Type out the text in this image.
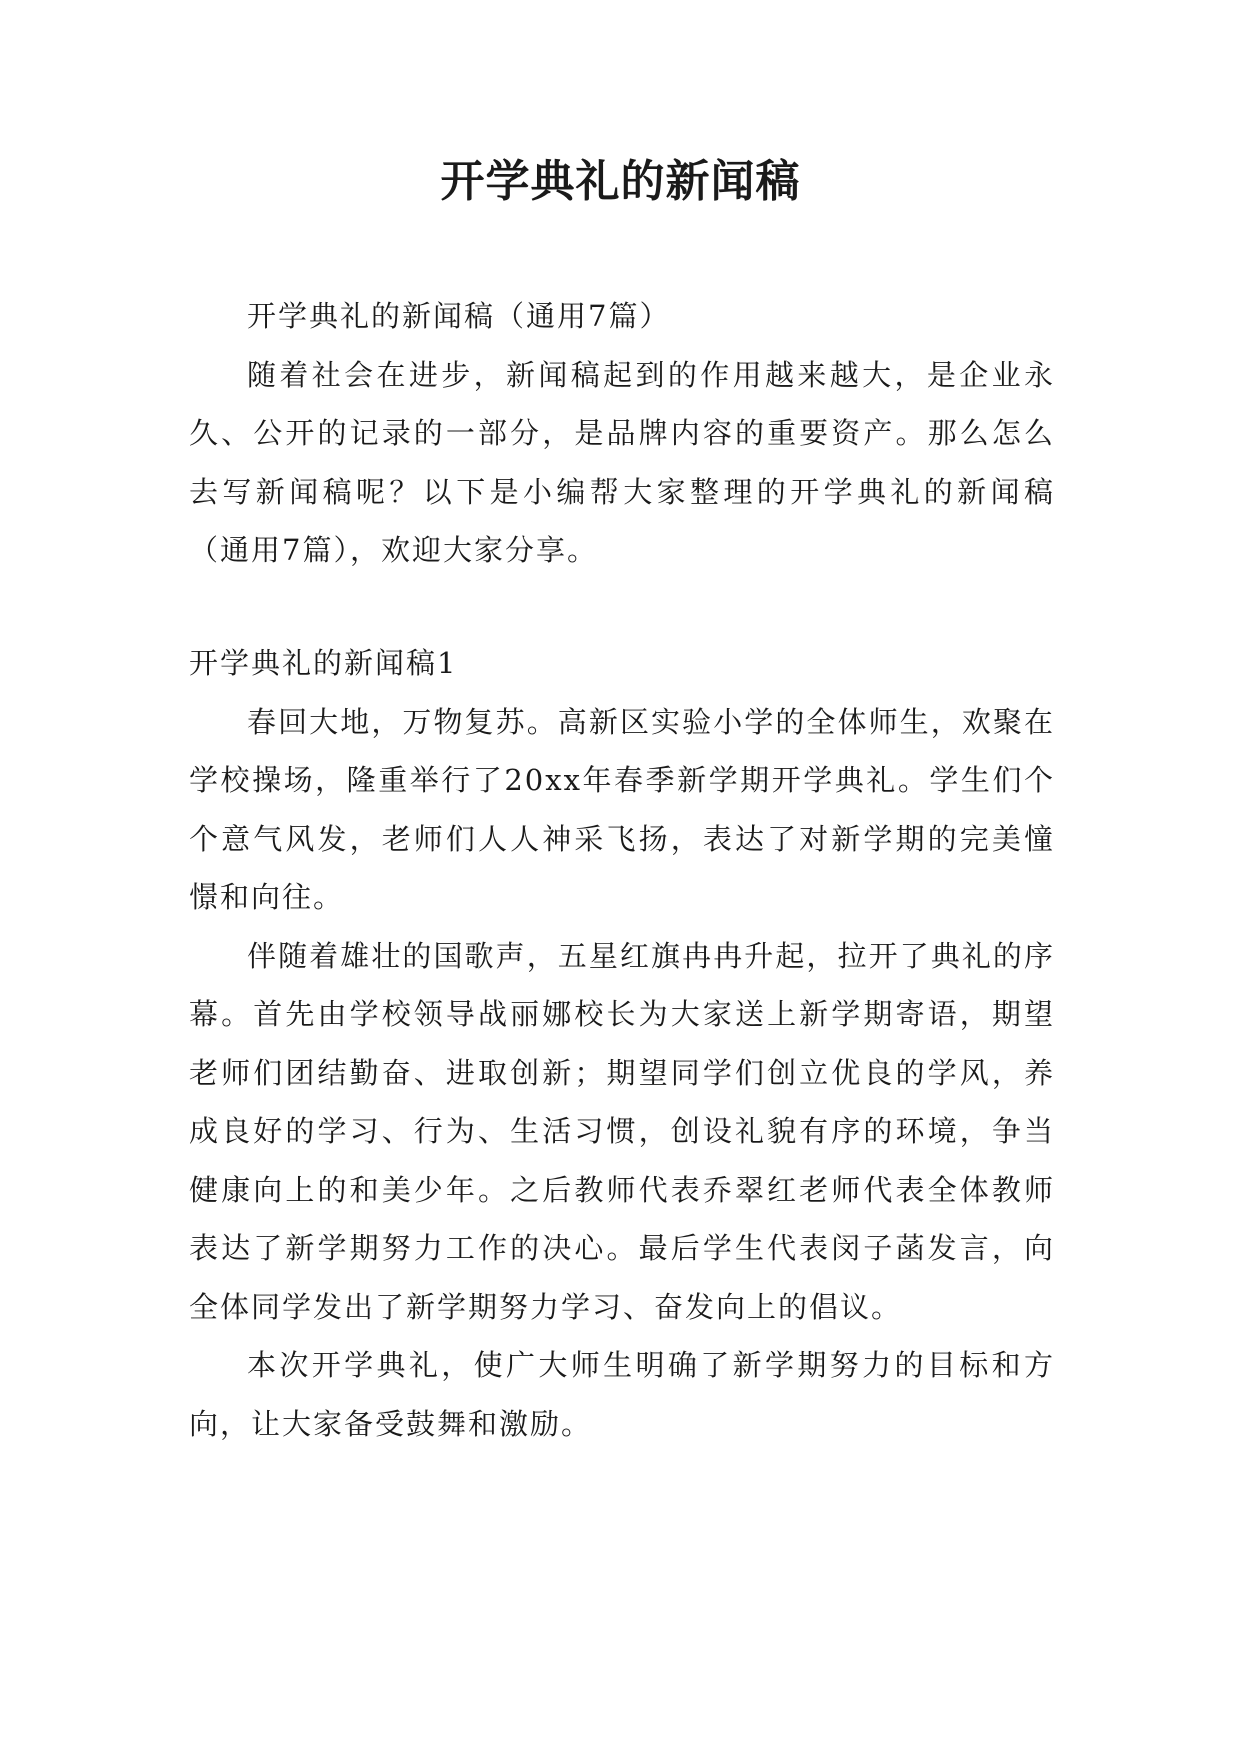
开学典礼的新闻稿

开学典礼的新闻稿（通用7篇）

随着社会在进步，新闻稿起到的作用越来越大，是企业永久、公开的记录的一部分，是品牌内容的重要资产。那么怎么去写新闻稿呢？以下是小编帮大家整理的开学典礼的新闻稿（通用7篇），欢迎大家分享。

开学典礼的新闻稿1

春回大地，万物复苏。高新区实验小学的全体师生，欢聚在学校操场，隆重举行了20xx年春季新学期开学典礼。学生们个个意气风发，老师们人人神采飞扬，表达了对新学期的完美憧憬和向往。

伴随着雄壮的国歌声，五星红旗冉冉升起，拉开了典礼的序幕。首先由学校领导战丽娜校长为大家送上新学期寄语，期望老师们团结勤奋、进取创新；期望同学们创立优良的学风，养成良好的学习、行为、生活习惯，创设礼貌有序的环境，争当健康向上的和美少年。之后教师代表乔翠红老师代表全体教师表达了新学期努力工作的决心。最后学生代表闵子菡发言，向全体同学发出了新学期努力学习、奋发向上的倡议。

本次开学典礼，使广大师生明确了新学期努力的目标和方向，让大家备受鼓舞和激励。
